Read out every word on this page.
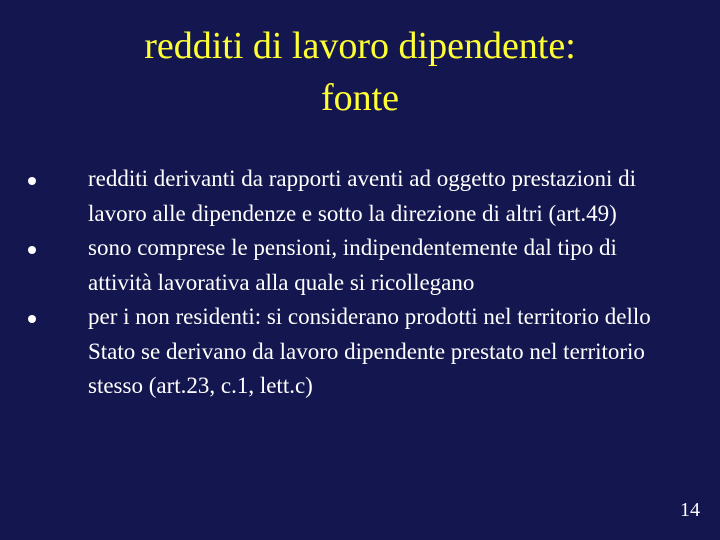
redditi di lavoro dipendente:
fonte
redditi derivanti da rapporti aventi ad oggetto prestazioni di lavoro alle dipendenze e sotto la direzione di altri (art.49)
sono comprese le pensioni, indipendentemente dal tipo di attività lavorativa alla quale si ricollegano
per i non residenti: si considerano prodotti nel territorio dello Stato se derivano da lavoro dipendente prestato nel territorio stesso (art.23, c.1, lett.c)
14
